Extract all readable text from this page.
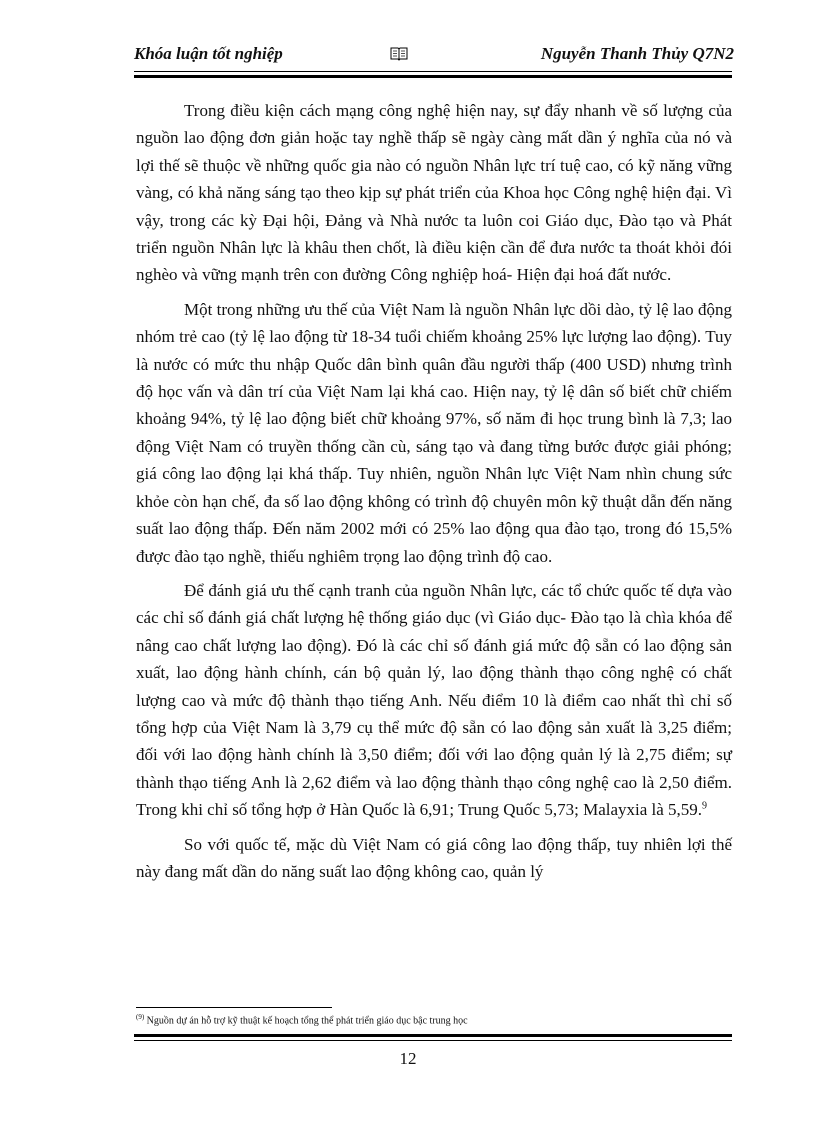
Khóa luận tốt nghiệp	Nguyễn Thanh Thủy Q7N2

Trong điều kiện cách mạng công nghệ hiện nay, sự đẩy nhanh về số lượng của nguồn lao động đơn giản hoặc tay nghề thấp sẽ ngày càng mất dần ý nghĩa của nó và lợi thế sẽ thuộc về những quốc gia nào có nguồn Nhân lực trí tuệ cao, có kỹ năng vững vàng, có khả năng sáng tạo theo kịp sự phát triển của Khoa học Công nghệ hiện đại. Vì vậy, trong các kỳ Đại hội, Đảng và Nhà nước ta luôn coi Giáo dục, Đào tạo và Phát triển nguồn Nhân lực là khâu then chốt, là điều kiện cần để đưa nước ta thoát khỏi đói nghèo và vững mạnh trên con đường Công nghiệp hoá- Hiện đại hoá đất nước.

Một trong những ưu thế của Việt Nam là nguồn Nhân lực dồi dào, tỷ lệ lao động nhóm trẻ cao (tỷ lệ lao động từ 18-34 tuổi chiếm khoảng 25% lực lượng lao động). Tuy là nước có mức thu nhập Quốc dân bình quân đầu người thấp (400 USD) nhưng trình độ học vấn và dân trí của Việt Nam lại khá cao. Hiện nay, tỷ lệ dân số biết chữ chiếm khoảng 94%, tỷ lệ lao động biết chữ khoảng 97%, số năm đi học trung bình là 7,3; lao động Việt Nam có truyền thống cần cù, sáng tạo và đang từng bước được giải phóng; giá công lao động lại khá thấp. Tuy nhiên, nguồn Nhân lực Việt Nam nhìn chung sức khỏe còn hạn chế, đa số lao động không có trình độ chuyên môn kỹ thuật dẫn đến năng suất lao động thấp. Đến năm 2002 mới có 25% lao động qua đào tạo, trong đó 15,5% được đào tạo nghề, thiếu nghiêm trọng lao động trình độ cao.

Để đánh giá ưu thế cạnh tranh của nguồn Nhân lực, các tổ chức quốc tế dựa vào các chỉ số đánh giá chất lượng hệ thống giáo dục (vì Giáo dục- Đào tạo là chìa khóa để nâng cao chất lượng lao động). Đó là các chỉ số đánh giá mức độ sẵn có lao động sản xuất, lao động hành chính, cán bộ quản lý, lao động thành thạo công nghệ có chất lượng cao và mức độ thành thạo tiếng Anh. Nếu điểm 10 là điểm cao nhất thì chỉ số tổng hợp của Việt Nam là 3,79 cụ thể mức độ sẵn có lao động sản xuất là 3,25 điểm; đối với lao động hành chính là 3,50 điểm; đối với lao động quản lý là 2,75 điểm; sự thành thạo tiếng Anh là 2,62 điểm và lao động thành thạo công nghệ cao là 2,50 điểm. Trong khi chỉ số tổng hợp ở Hàn Quốc là 6,91; Trung Quốc 5,73; Malayxia là 5,59.$^9$

So với quốc tế, mặc dù Việt Nam có giá công lao động thấp, tuy nhiên lợi thế này đang mất dần do năng suất lao động không cao, quản lý

$^{(9)}$ Nguồn dự án hỗ trợ kỹ thuật kế hoạch tổng thể phát triển giáo dục bậc trung học
12
